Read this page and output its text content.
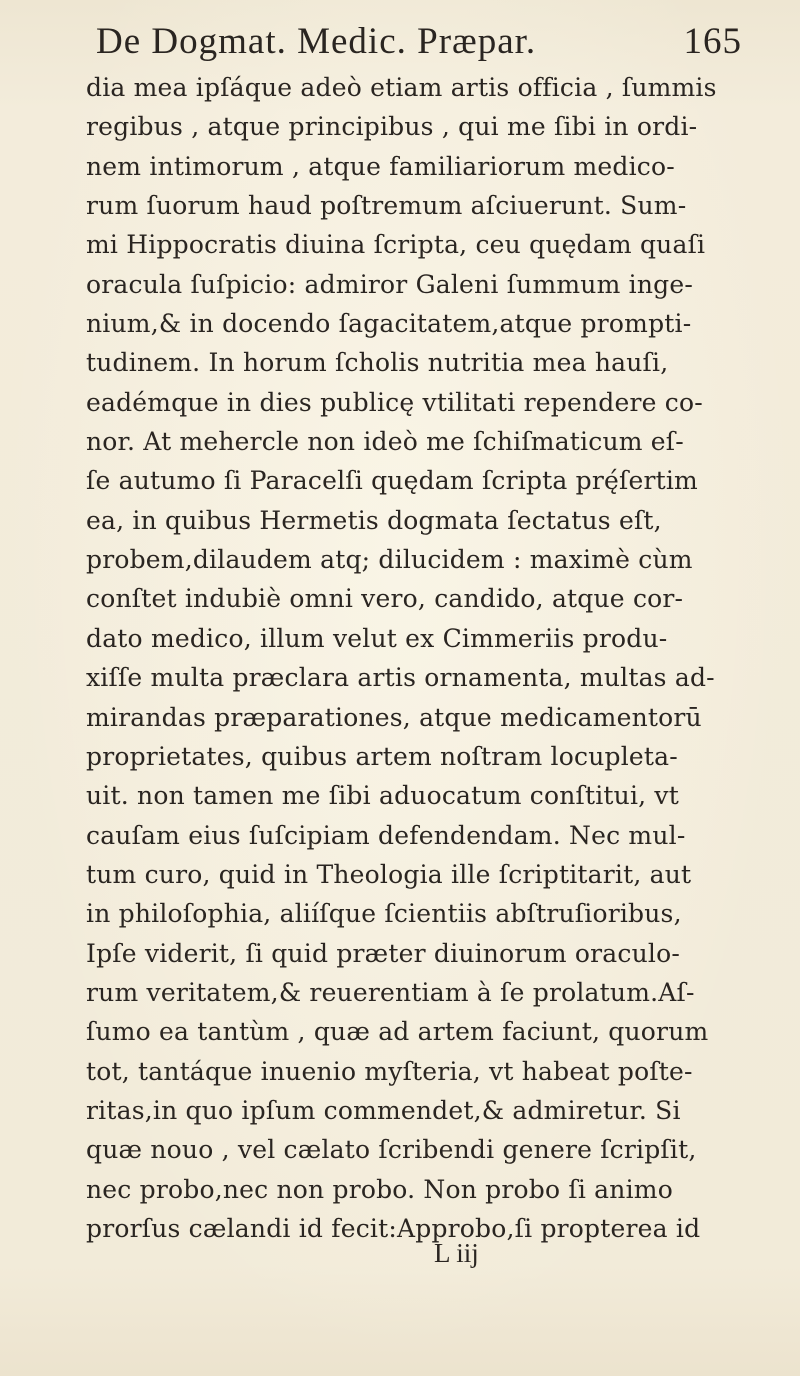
De Dogmat. Medic. Præpar.	165
dia mea ipſáque adeò etiam artis officia , ſummis
regibus , atque principibus , qui me ſibi in ordi-
nem intimorum , atque familiariorum medico-
rum ſuorum haud poſtremum aſciuerunt. Sum-
mi Hippocratis diuina ſcripta, ceu quędam quaſi
oracula ſuſpicio: admiror Galeni ſummum inge-
nium,& in docendo ſagacitatem,atque prompti-
tudinem. In horum ſcholis nutritia mea hauſi,
eadémque in dies publicę vtilitati rependere co-
nor. At mehercle non ideò me ſchiſmaticum eſ-
ſe autumo ſi Paracelſi quędam ſcripta prę́ſertim
ea, in quibus Hermetis dogmata ſectatus eſt,
probem,dilaudem atq; dilucidem : maximè cùm
conſtet indubiè omni vero, candido, atque cor-
dato medico, illum velut ex Cimmeriis produ-
xiſſe multa præclara artis ornamenta, multas ad-
mirandas præparationes, atque medicamentorū
proprietates, quibus artem noſtram locupleta-
uit. non tamen me ſibi aduocatum conſtitui, vt
cauſam eius ſuſcipiam defendendam. Nec mul-
tum curo, quid in Theologia ille ſcriptitarit, aut
in philoſophia, aliíſque ſcientiis abſtruſioribus,
Ipſe viderit, ſi quid præter diuinorum oraculo-
rum veritatem,& reuerentiam à ſe prolatum.Aſ-
ſumo ea tantùm , quæ ad artem faciunt, quorum
tot, tantáque inuenio myſteria, vt habeat poſte-
ritas,in quo ipſum commendet,& admiretur. Si
quæ nouo , vel cælato ſcribendi genere ſcripſit,
nec probo,nec non probo. Non probo ſi animo
prorſus cælandi id fecit:Approbo,ſi propterea id
L iij
